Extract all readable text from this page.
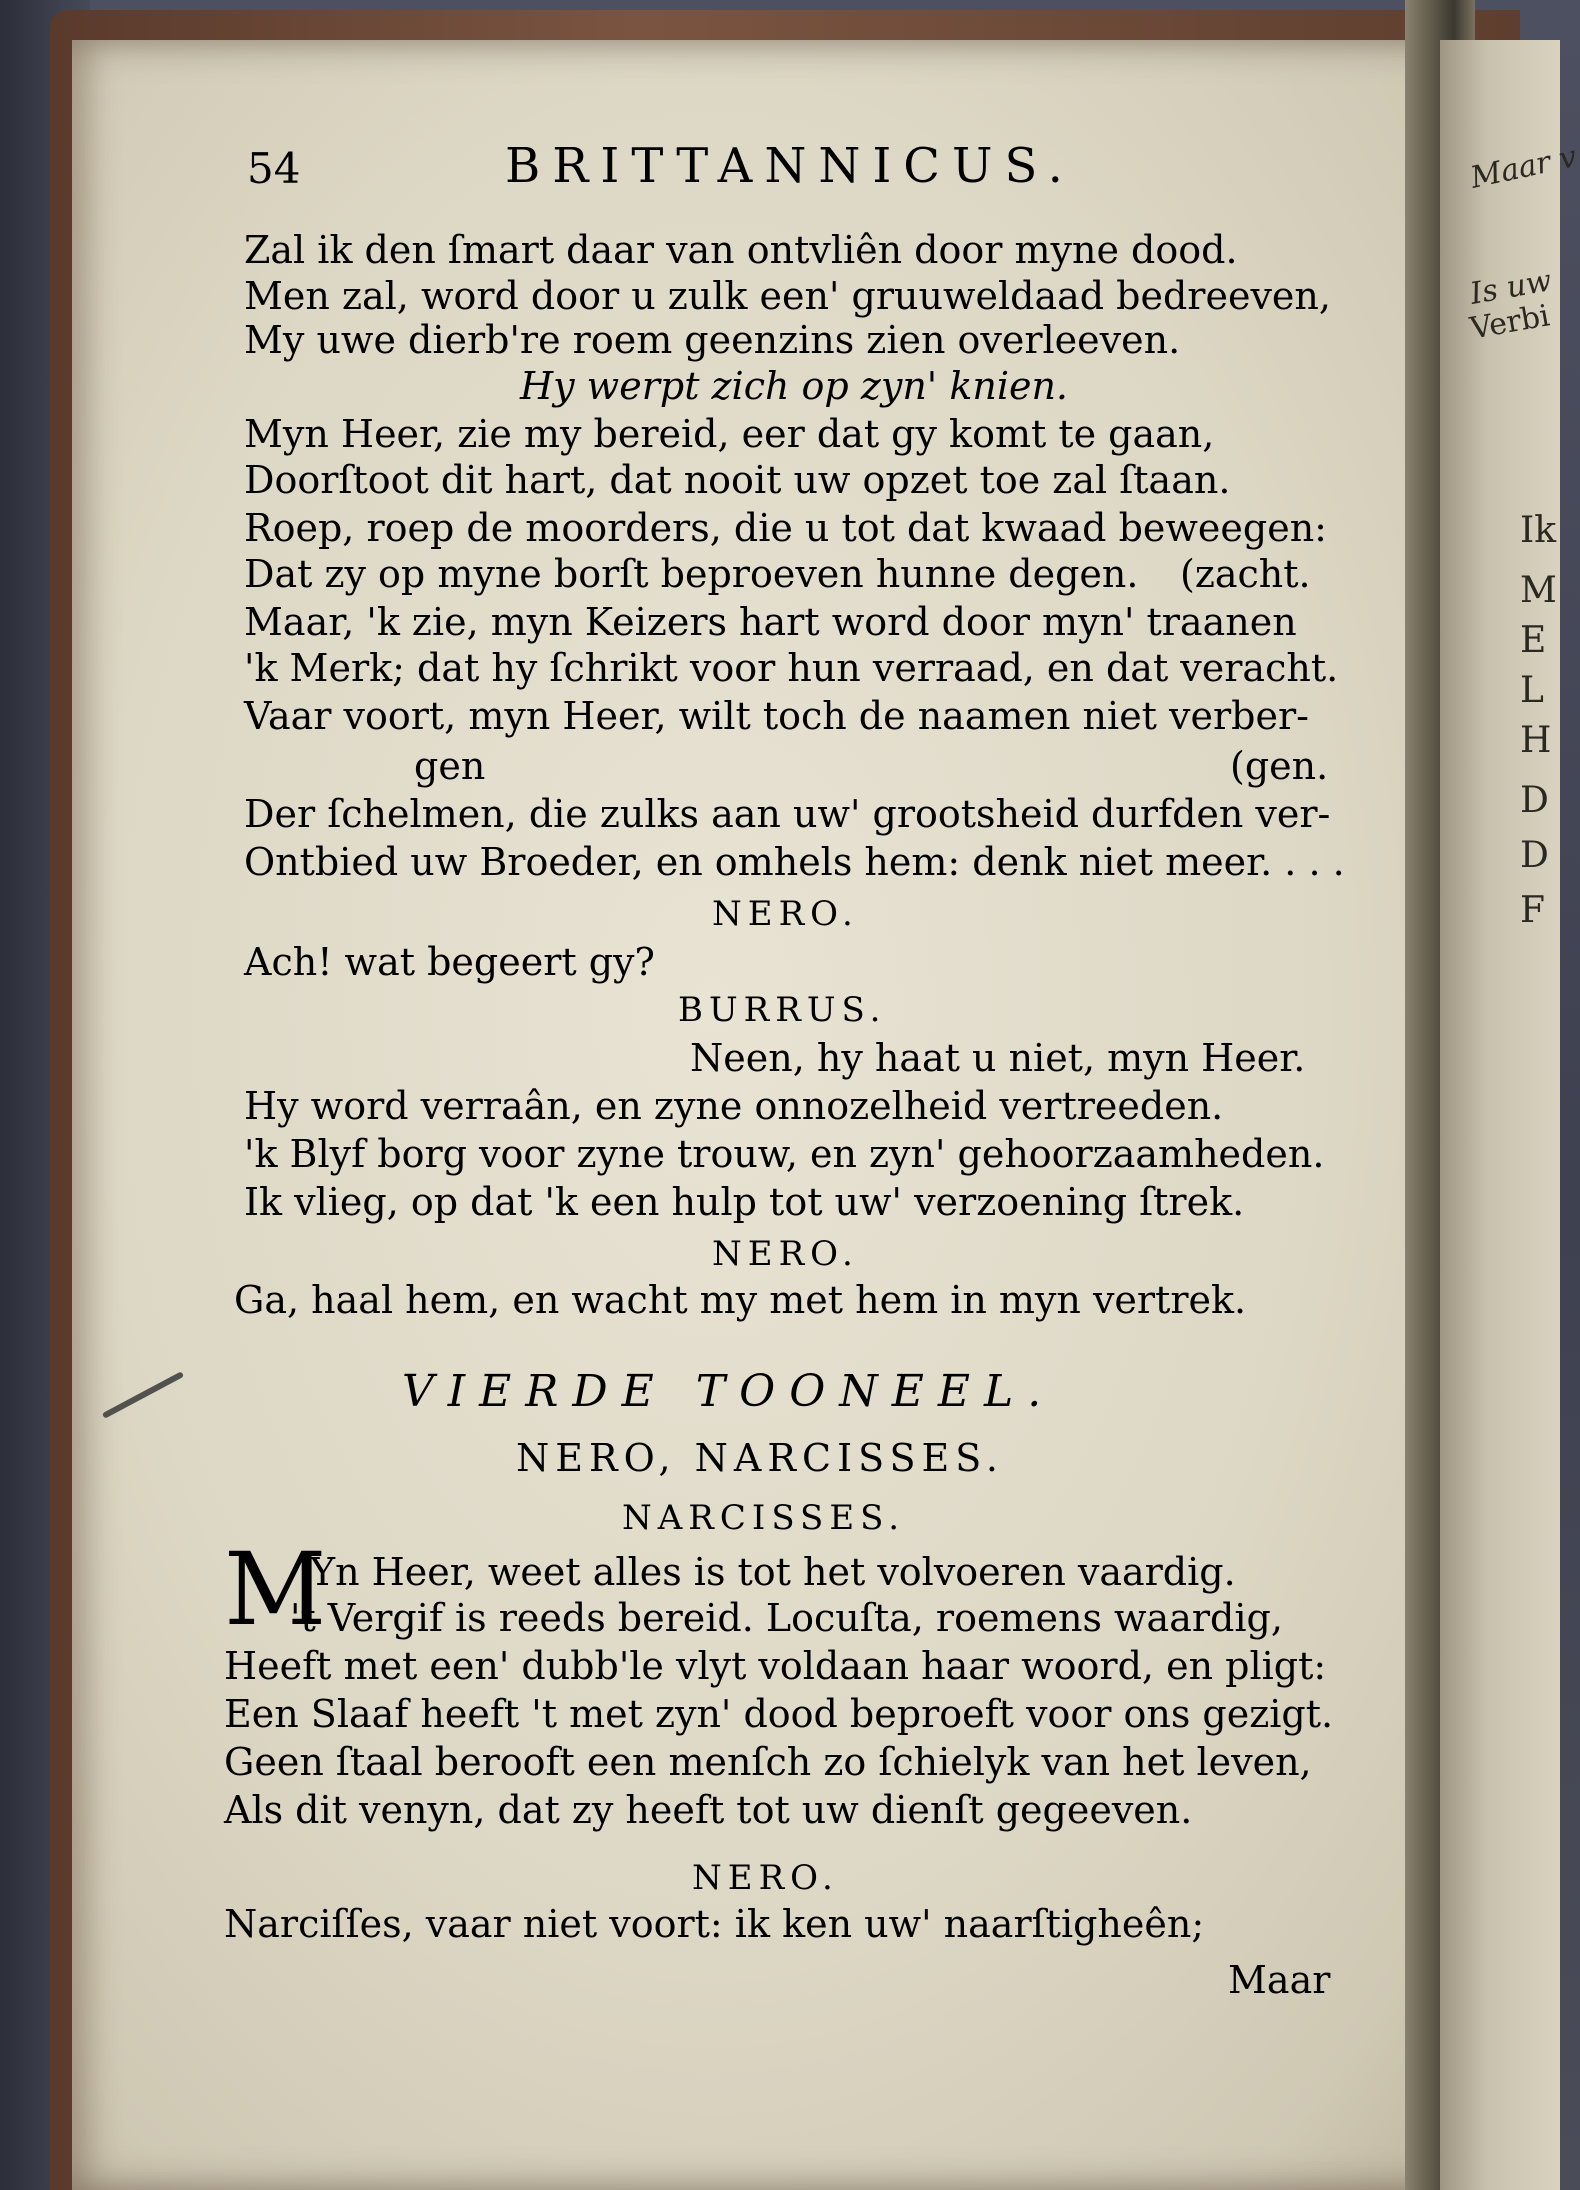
Maar v
Is uw
Verbi
Ik
M
E
L
H
D
D
F
54	BRITTANNICUS.
Zal ik den ſmart daar van ontvliên door myne dood.
Men zal, word door u zulk een' gruuweldaad bedreeven,
My uwe dierb're roem geenzins zien overleeven.
Hy werpt zich op zyn' knien.
Myn Heer, zie my bereid, eer dat gy komt te gaan,
Doorſtoot dit hart, dat nooit uw opzet toe zal ſtaan.
Roep, roep de moorders, die u tot dat kwaad beweegen:
Dat zy op myne borſt beproeven hunne degen. (zacht.
Maar, 'k zie, myn Keizers hart word door myn' traanen
'k Merk; dat hy ſchrikt voor hun verraad, en dat veracht.
Vaar voort, myn Heer, wilt toch de naamen niet verber-
gen	(gen.
Der ſchelmen, die zulks aan uw' grootsheid durfden ver-
Ontbied uw Broeder, en omhels hem: denk niet meer. . . .
NERO.
Ach! wat begeert gy?
BURRUS.
Neen, hy haat u niet, myn Heer.
Hy word verraân, en zyne onnozelheid vertreeden.
'k Blyf borg voor zyne trouw, en zyn' gehoorzaamheden.
Ik vlieg, op dat 'k een hulp tot uw' verzoening ſtrek.
NERO.
Ga, haal hem, en wacht my met hem in myn vertrek.
VIERDE TOONEEL.
NERO, NARCISSES.
NARCISSES.
M
Yn Heer, weet alles is tot het volvoeren vaardig.
't Vergif is reeds bereid. Locuſta, roemens waardig,
Heeft met een' dubb'le vlyt voldaan haar woord, en pligt:
Een Slaaf heeft 't met zyn' dood beproeft voor ons gezigt.
Geen ſtaal berooft een menſch zo ſchielyk van het leven,
Als dit venyn, dat zy heeft tot uw dienſt gegeeven.
NERO.
Narciſſes, vaar niet voort: ik ken uw' naarſtigheên;
Maar
